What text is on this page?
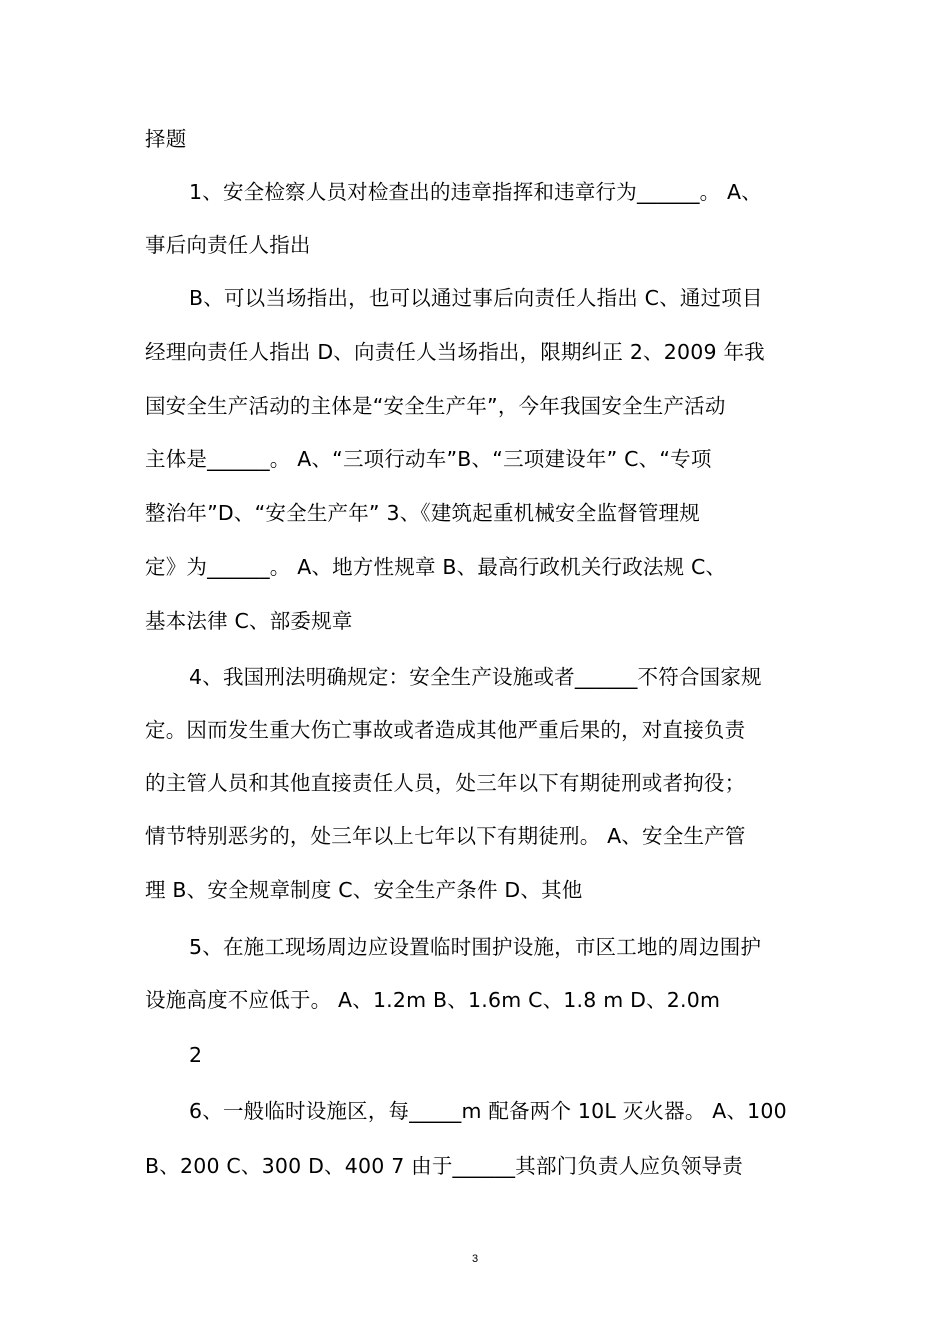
择题
1、安全检察人员对检查出的违章指挥和违章行为______。 A、
事后向责任人指出
B、可以当场指出，也可以通过事后向责任人指出 C、通过项目
经理向责任人指出 D、向责任人当场指出，限期纠正 2、2009 年我
国安全生产活动的主体是“安全生产年”，今年我国安全生产活动
主体是______。 A、“三项行动车”B、“三项建设年” C、“专项
整治年”D、“安全生产年” 3、《建筑起重机械安全监督管理规
定》为______。 A、地方性规章 B、最高行政机关行政法规 C、
基本法律 C、部委规章
4、我国刑法明确规定：安全生产设施或者______不符合国家规
定。因而发生重大伤亡事故或者造成其他严重后果的，对直接负责
的主管人员和其他直接责任人员，处三年以下有期徒刑或者拘役；
情节特别恶劣的，处三年以上七年以下有期徒刑。 A、安全生产管
理 B、安全规章制度 C、安全生产条件 D、其他
5、在施工现场周边应设置临时围护设施，市区工地的周边围护
设施高度不应低于。 A、1.2m B、1.6m C、1.8 m D、2.0m
2
6、一般临时设施区，每_____m 配备两个 10L 灭火器。 A、100
B、200 C、300 D、400 7 由于______其部门负责人应负领导责
3
